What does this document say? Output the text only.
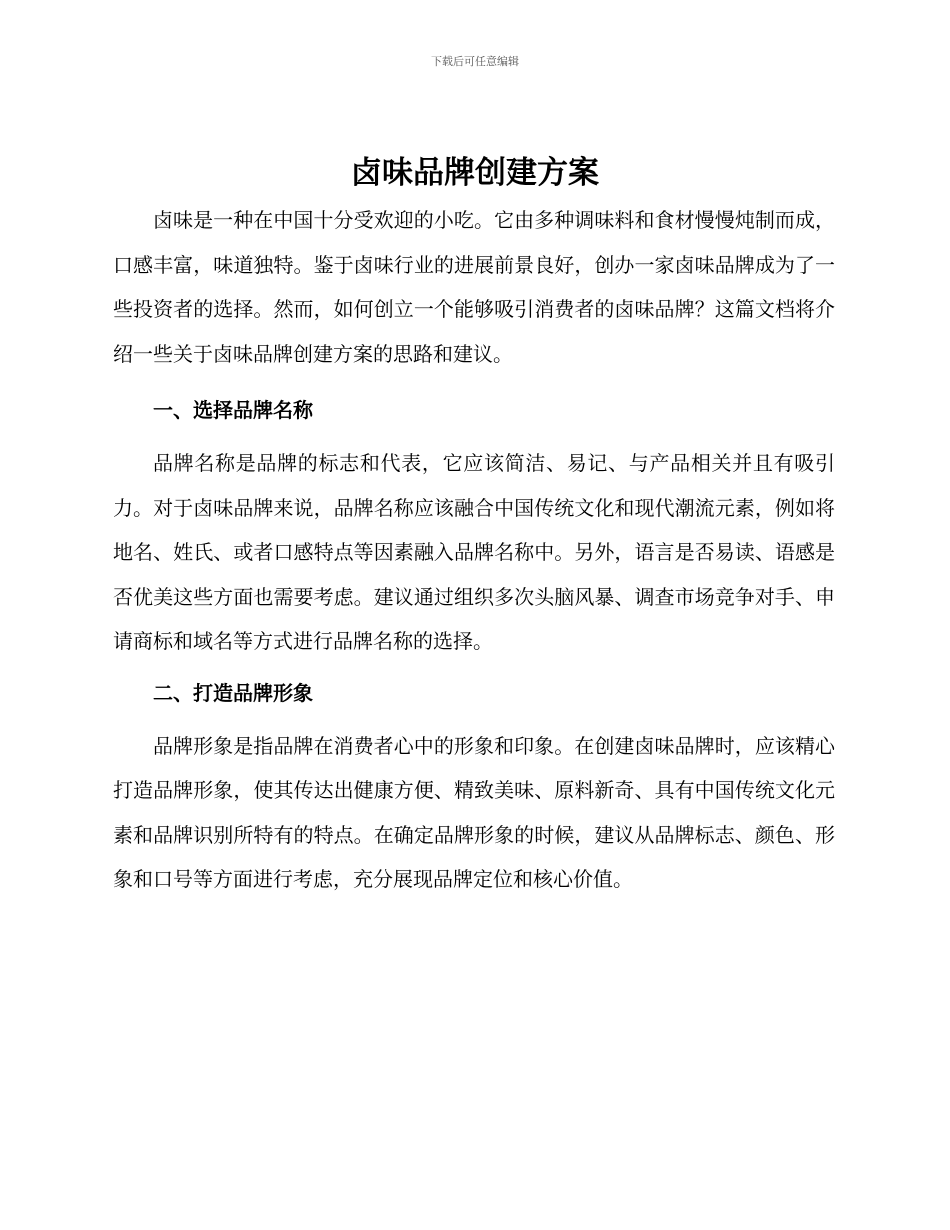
下载后可任意编辑
卤味品牌创建方案

卤味是一种在中国十分受欢迎的小吃。它由多种调味料和食材慢慢炖制而成，口感丰富，味道独特。鉴于卤味行业的进展前景良好，创办一家卤味品牌成为了一些投资者的选择。然而，如何创立一个能够吸引消费者的卤味品牌？这篇文档将介绍一些关于卤味品牌创建方案的思路和建议。

一、选择品牌名称

品牌名称是品牌的标志和代表，它应该简洁、易记、与产品相关并且有吸引力。对于卤味品牌来说，品牌名称应该融合中国传统文化和现代潮流元素，例如将地名、姓氏、或者口感特点等因素融入品牌名称中。另外，语言是否易读、语感是否优美这些方面也需要考虑。建议通过组织多次头脑风暴、调查市场竞争对手、申请商标和域名等方式进行品牌名称的选择。

二、打造品牌形象

品牌形象是指品牌在消费者心中的形象和印象。在创建卤味品牌时，应该精心打造品牌形象，使其传达出健康方便、精致美味、原料新奇、具有中国传统文化元素和品牌识别所特有的特点。在确定品牌形象的时候，建议从品牌标志、颜色、形象和口号等方面进行考虑，充分展现品牌定位和核心价值。
